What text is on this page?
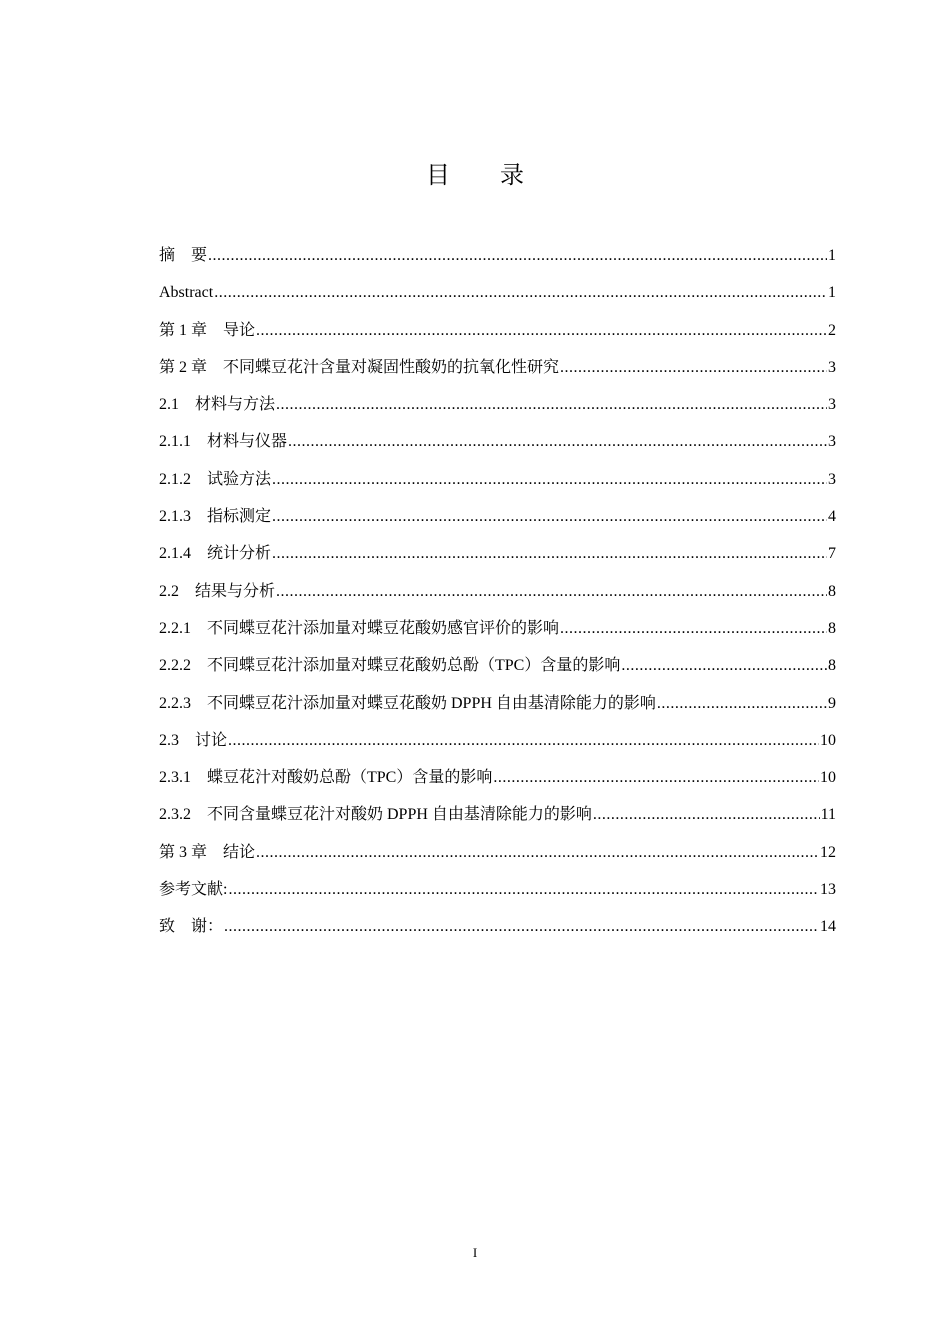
目 录
摘　要 .....	1
Abstract .....	1
第 1 章　导论 .....	2
第 2 章　不同蝶豆花汁含量对凝固性酸奶的抗氧化性研究 .....	3
2.1　材料与方法 .....	3
2.1.1　材料与仪器 .....	3
2.1.2　试验方法 .....	3
2.1.3　指标测定 .....	4
2.1.4　统计分析 .....	7
2.2　结果与分析 .....	8
2.2.1　不同蝶豆花汁添加量对蝶豆花酸奶感官评价的影响 .....	8
2.2.2　不同蝶豆花汁添加量对蝶豆花酸奶总酚（TPC）含量的影响 .....	8
2.2.3　不同蝶豆花汁添加量对蝶豆花酸奶 DPPH 自由基清除能力的影响 .....	9
2.3　讨论 .....	10
2.3.1　蝶豆花汁对酸奶总酚（TPC）含量的影响 .....	10
2.3.2　不同含量蝶豆花汁对酸奶 DPPH 自由基清除能力的影响 .....	11
第 3 章　结论 .....	12
参考文献: .....	13
致　谢： .....	14
I
